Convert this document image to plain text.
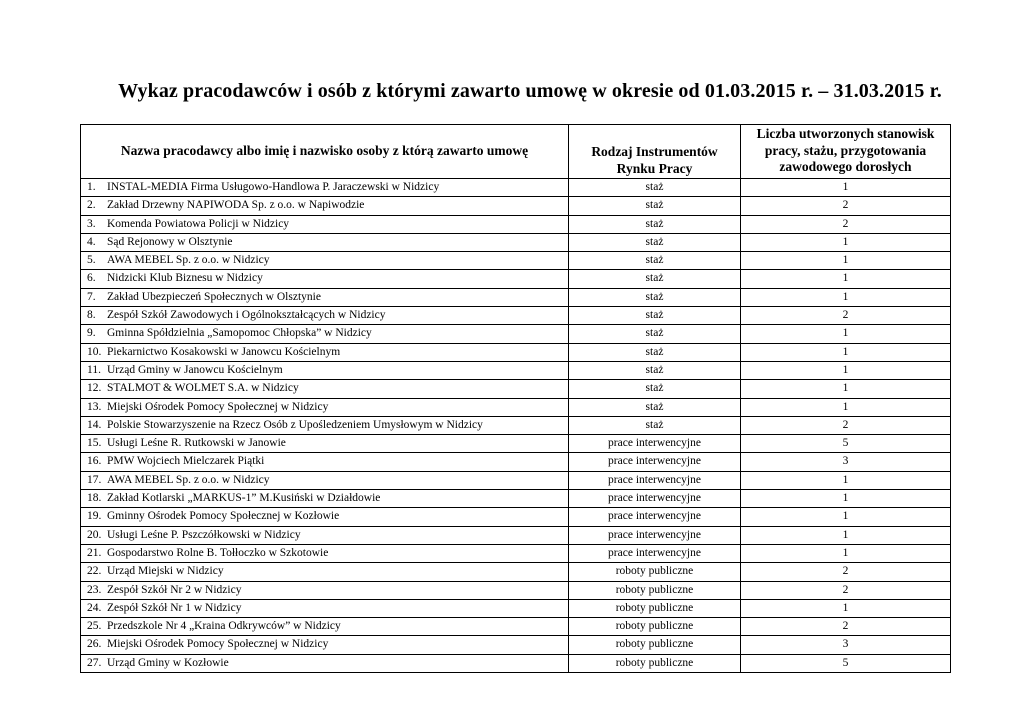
Wykaz pracodawców i osób z którymi zawarto umowę w okresie od 01.03.2015 r. – 31.03.2015 r.
Nazwa pracodawcy albo imię i nazwisko osoby z którą zawarto umowę	Rodzaj Instrumentów Rynku Pracy	Liczba utworzonych stanowisk pracy, stażu, przygotowania zawodowego dorosłych
1. INSTAL-MEDIA Firma Usługowo-Handlowa P. Jaraczewski w Nidzicy	staż	1
2. Zakład Drzewny NAPIWODA Sp. z o.o. w Napiwodzie	staż	2
3. Komenda Powiatowa Policji w Nidzicy	staż	2
4. Sąd Rejonowy w Olsztynie	staż	1
5. AWA MEBEL Sp. z o.o. w Nidzicy	staż	1
6. Nidzicki Klub Biznesu w Nidzicy	staż	1
7. Zakład Ubezpieczeń Społecznych w Olsztynie	staż	1
8. Zespół Szkół Zawodowych i Ogólnokształcących w Nidzicy	staż	2
9. Gminna Spółdzielnia „Samopomoc Chłopska” w Nidzicy	staż	1
10. Piekarnictwo Kosakowski w Janowcu Kościelnym	staż	1
11. Urząd Gminy w Janowcu Kościelnym	staż	1
12. STALMOT & WOLMET S.A. w Nidzicy	staż	1
13. Miejski Ośrodek Pomocy Społecznej w Nidzicy	staż	1
14. Polskie Stowarzyszenie na Rzecz Osób z Upośledzeniem Umysłowym w Nidzicy	staż	2
15. Usługi Leśne R. Rutkowski w Janowie	prace interwencyjne	5
16. PMW Wojciech Mielczarek Piątki	prace interwencyjne	3
17. AWA MEBEL Sp. z o.o. w Nidzicy	prace interwencyjne	1
18. Zakład Kotlarski „MARKUS-1” M.Kusiński w Działdowie	prace interwencyjne	1
19. Gminny Ośrodek Pomocy Społecznej w Kozłowie	prace interwencyjne	1
20. Usługi Leśne P. Pszczółkowski w Nidzicy	prace interwencyjne	1
21. Gospodarstwo Rolne B. Tołłoczko w Szkotowie	prace interwencyjne	1
22. Urząd Miejski w Nidzicy	roboty publiczne	2
23. Zespół Szkół Nr 2 w Nidzicy	roboty publiczne	2
24. Zespół Szkół Nr 1 w Nidzicy	roboty publiczne	1
25. Przedszkole Nr 4 „Kraina Odkrywców” w Nidzicy	roboty publiczne	2
26. Miejski Ośrodek Pomocy Społecznej w Nidzicy	roboty publiczne	3
27. Urząd Gminy w Kozłowie	roboty publiczne	5
